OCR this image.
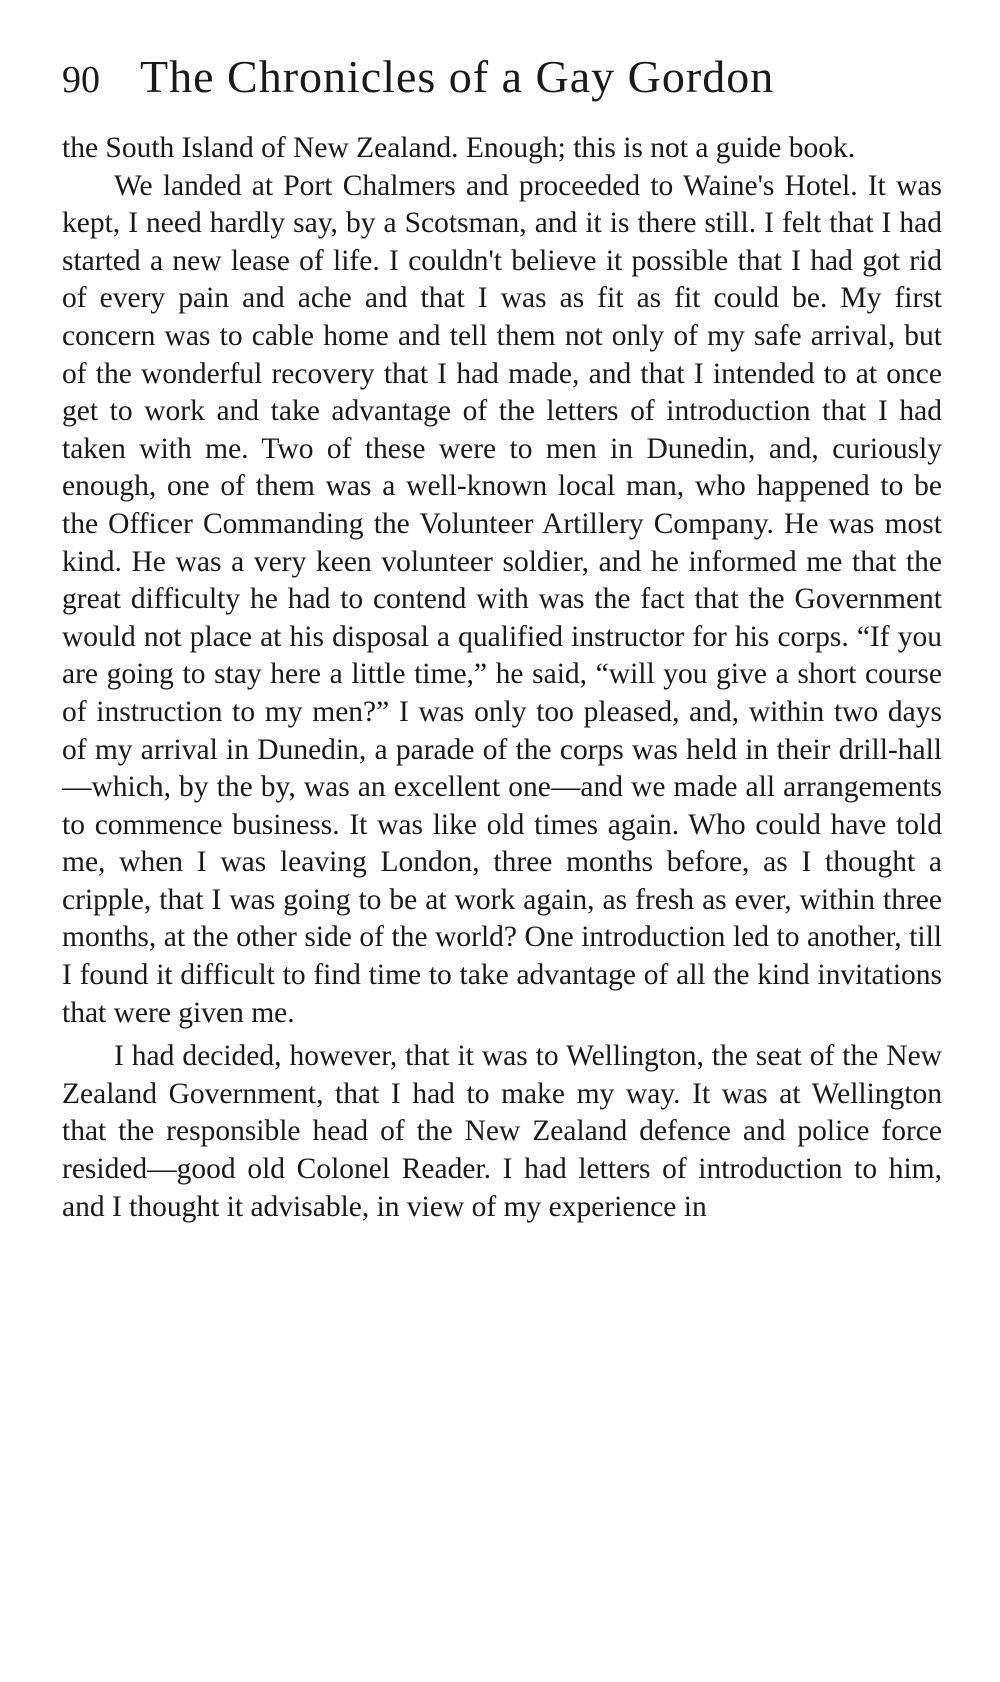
90 The Chronicles of a Gay Gordon

the South Island of New Zealand. Enough; this is not a guide book.

We landed at Port Chalmers and proceeded to Waine's Hotel. It was kept, I need hardly say, by a Scotsman, and it is there still. I felt that I had started a new lease of life. I couldn't believe it possible that I had got rid of every pain and ache and that I was as fit as fit could be. My first concern was to cable home and tell them not only of my safe arrival, but of the wonderful recovery that I had made, and that I intended to at once get to work and take advantage of the letters of introduction that I had taken with me. Two of these were to men in Dunedin, and, curiously enough, one of them was a well-known local man, who happened to be the Officer Commanding the Volunteer Artillery Company. He was most kind. He was a very keen volunteer soldier, and he informed me that the great difficulty he had to contend with was the fact that the Government would not place at his disposal a qualified instructor for his corps. “If you are going to stay here a little time,” he said, “will you give a short course of instruction to my men?” I was only too pleased, and, within two days of my arrival in Dunedin, a parade of the corps was held in their drill-hall—which, by the by, was an excellent one—and we made all arrangements to commence business. It was like old times again. Who could have told me, when I was leaving London, three months before, as I thought a cripple, that I was going to be at work again, as fresh as ever, within three months, at the other side of the world? One introduction led to another, till I found it difficult to find time to take advantage of all the kind invitations that were given me.

I had decided, however, that it was to Wellington, the seat of the New Zealand Government, that I had to make my way. It was at Wellington that the responsible head of the New Zealand defence and police force resided—good old Colonel Reader. I had letters of introduction to him, and I thought it advisable, in view of my experience in
